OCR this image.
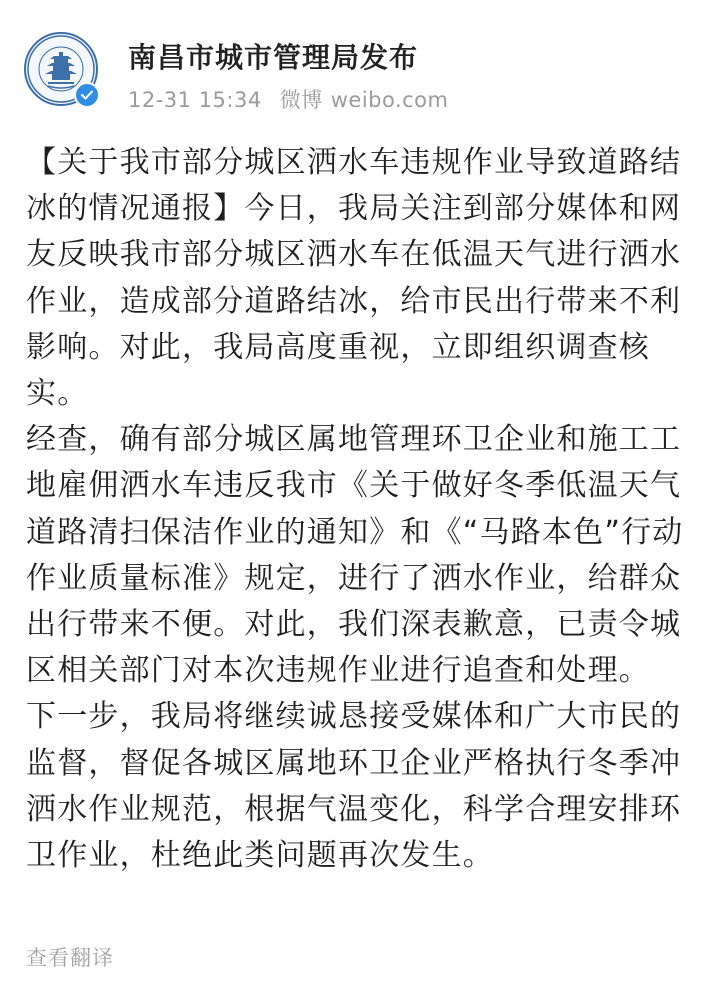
南昌市城市管理局发布
12-31 15:34 微博 weibo.com

【关于我市部分城区洒水车违规作业导致道路结冰的情况通报】今日，我局关注到部分媒体和网友反映我市部分城区洒水车在低温天气进行洒水作业，造成部分道路结冰，给市民出行带来不利影响。对此，我局高度重视，立即组织调查核实。

经查，确有部分城区属地管理环卫企业和施工工地雇佣洒水车违反我市《关于做好冬季低温天气道路清扫保洁作业的通知》和《“马路本色”行动作业质量标准》规定，进行了洒水作业，给群众出行带来不便。对此，我们深表歉意，已责令城区相关部门对本次违规作业进行追查和处理。

下一步，我局将继续诚恳接受媒体和广大市民的监督，督促各城区属地环卫企业严格执行冬季冲洒水作业规范，根据气温变化，科学合理安排环卫作业，杜绝此类问题再次发生。

查看翻译
